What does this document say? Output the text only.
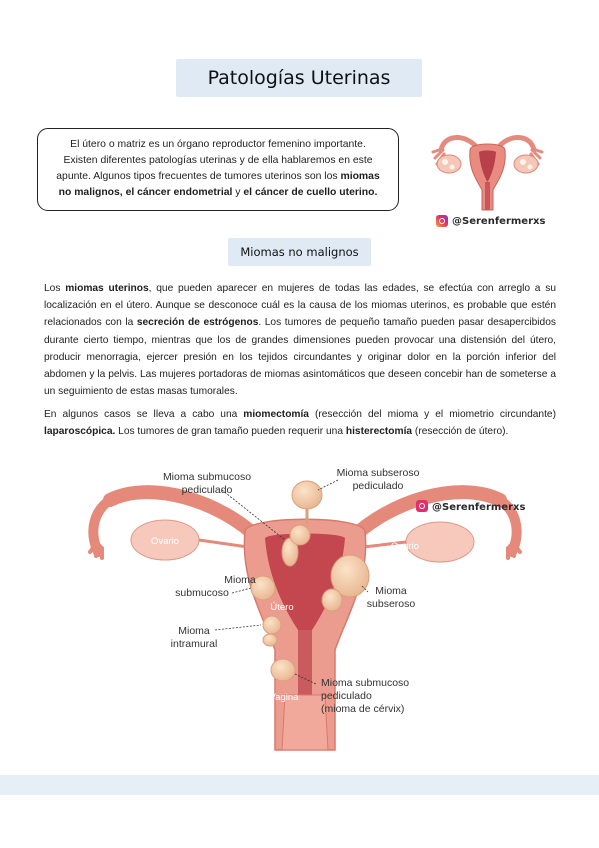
Patologías Uterinas
El útero o matriz es un órgano reproductor femenino importante.
Existen diferentes patologías uterinas y de ella hablaremos en este
apunte. Algunos tipos frecuentes de tumores uterinos son los miomas
no malignos, el cáncer endometrial y el cáncer de cuello uterino.
@Serenfermerxs
Miomas no malignos
Los miomas uterinos, que pueden aparecer en mujeres de todas las edades, se efectúa con arreglo a su localización en el útero. Aunque se desconoce cuál es la causa de los miomas uterinos, es probable que estén relacionados con la secreción de estrógenos. Los tumores de pequeño tamaño pueden pasar desapercibidos durante cierto tiempo, mientras que los de grandes dimensiones pueden provocar una distensión del útero, producir menorragia, ejercer presión en los tejidos circundantes y originar dolor en la porción inferior del abdomen y la pelvis. Las mujeres portadoras de miomas asintomáticos que deseen concebir han de someterse a un seguimiento de estas masas tumorales.
En algunos casos se lleva a cabo una miomectomía (resección del mioma y el miometrio circundante) laparoscópica. Los tumores de gran tamaño pueden requerir una histerectomía (resección de útero).
Mioma submucoso
pediculado
Mioma subseroso
pediculado
Ovario	Ovario
Mioma
submucoso
Útero
Mioma
subseroso
Mioma
intramural
Mioma submucoso
pediculado
(mioma de cérvix)
Vagina
@Serenfermerxs
